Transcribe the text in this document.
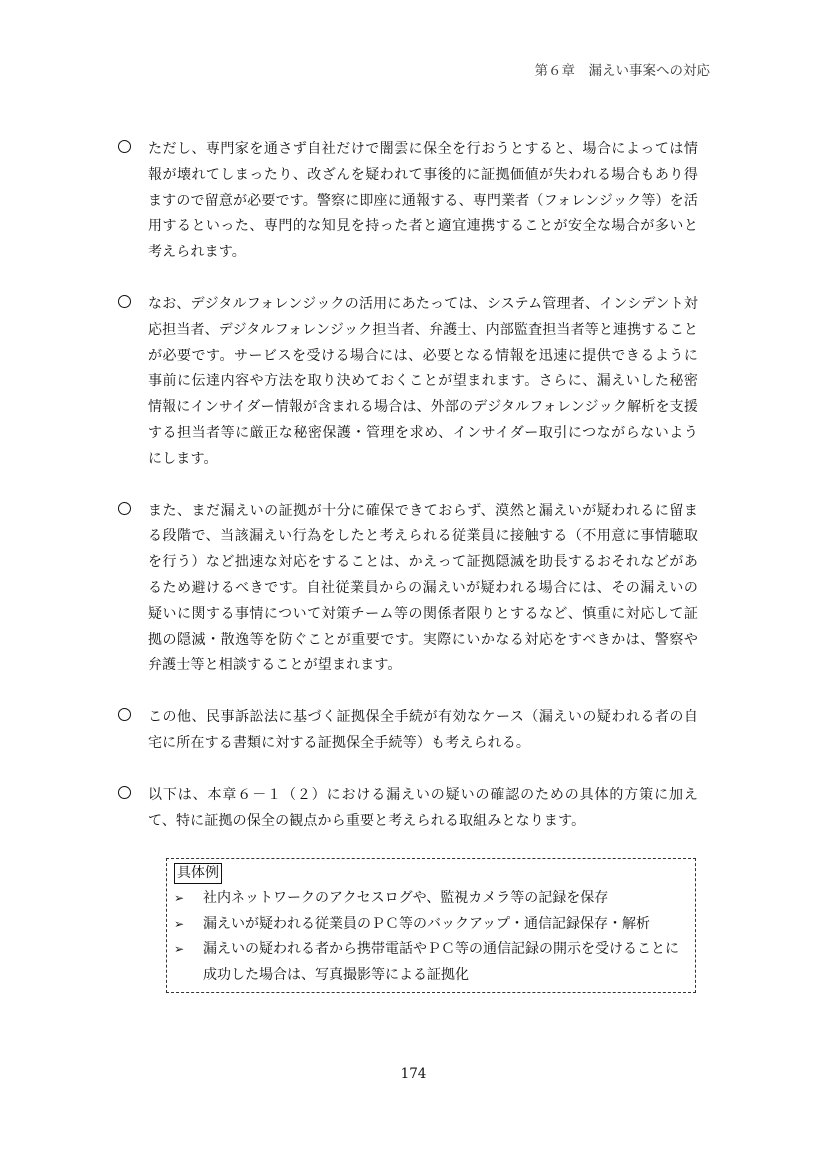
第６章　漏えい事案への対応
ただし、専門家を通さず自社だけで闇雲に保全を行おうとすると、場合によっては情報が壊れてしまったり、改ざんを疑われて事後的に証拠価値が失われる場合もあり得ますので留意が必要です。警察に即座に通報する、専門業者（フォレンジック等）を活用するといった、専門的な知見を持った者と適宜連携することが安全な場合が多いと考えられます。
なお、デジタルフォレンジックの活用にあたっては、システム管理者、インシデント対応担当者、デジタルフォレンジック担当者、弁護士、内部監査担当者等と連携することが必要です。サービスを受ける場合には、必要となる情報を迅速に提供できるように事前に伝達内容や方法を取り決めておくことが望まれます。さらに、漏えいした秘密情報にインサイダー情報が含まれる場合は、外部のデジタルフォレンジック解析を支援する担当者等に厳正な秘密保護・管理を求め、インサイダー取引につながらないようにします。
また、まだ漏えいの証拠が十分に確保できておらず、漠然と漏えいが疑われるに留まる段階で、当該漏えい行為をしたと考えられる従業員に接触する（不用意に事情聴取を行う）など拙速な対応をすることは、かえって証拠隠滅を助長するおそれなどがあるため避けるべきです。自社従業員からの漏えいが疑われる場合には、その漏えいの疑いに関する事情について対策チーム等の関係者限りとするなど、慎重に対応して証拠の隠滅・散逸等を防ぐことが重要です。実際にいかなる対応をすべきかは、警察や弁護士等と相談することが望まれます。
この他、民事訴訟法に基づく証拠保全手続が有効なケース（漏えいの疑われる者の自宅に所在する書類に対する証拠保全手続等）も考えられる。
以下は、本章６－１（２）における漏えいの疑いの確認のための具体的方策に加えて、特に証拠の保全の観点から重要と考えられる取組みとなります。
具体例
➢ 社内ネットワークのアクセスログや、監視カメラ等の記録を保存
➢ 漏えいが疑われる従業員のＰＣ等のバックアップ・通信記録保存・解析
➢ 漏えいの疑われる者から携帯電話やＰＣ等の通信記録の開示を受けることに成功した場合は、写真撮影等による証拠化
174
